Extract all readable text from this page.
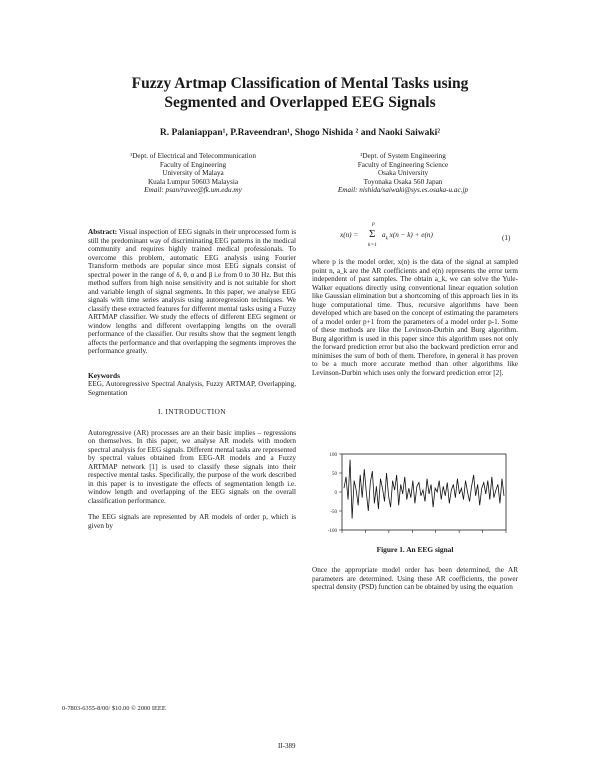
Fuzzy Artmap Classification of Mental Tasks using
Segmented and Overlapped EEG Signals
R. Palaniappan¹, P.Raveendran¹, Shogo Nishida ² and Naoki Saiwaki²
¹Dept. of Electrical and Telecommunication
Faculty of Engineering
University of Malaya
Kuala Lumpur 50603 Malaysia
Email: psan/ravee@fk.um.edu.my
²Dept. of System Engineering
Faculty of Engineering Science
Osaka University
Toyonaka Osaka 560 Japan
Email: nishida/saiwaki@sys.es.osaka-u.ac.jp

Abstract: Visual inspection of EEG signals in their unprocessed form is still the predominant way of discriminating EEG patterns in the medical community and requires highly trained medical professionals. To overcome this problem, automatic EEG analysis using Fourier Transform methods are popular since most EEG signals consist of spectral power in the range of δ, θ, α and β i.e from 0 to 30 Hz. But this method suffers from high noise sensitivity and is not suitable for short and variable length of signal segments. In this paper, we analyse EEG signals with time series analysis using autoregression techniques. We classify these extracted features for different mental tasks using a Fuzzy ARTMAP classifier. We study the effects of different EEG segment or window lengths and different overlapping lengths on the overall performance of the classifier. Our results show that the segment length affects the performance and that overlapping the segments improves the performance greatly.

Keywords

EEG, Autoregressive Spectral Analysis, Fuzzy ARTMAP, Overlapping, Segmentation

I. INTRODUCTION

Autoregressive (AR) processes are an their basic implies – regressions on themselves. In this paper, we analyse AR models with modern spectral analysis for EEG signals. Different mental tasks are represented by spectral values obtained from EEG-AR models and a Fuzzy ARTMAP network [1] is used to classify these signals into their respective mental tasks. Specifically, the purpose of the work described in this paper is to investigate the effects of segmentation length i.e. window length and overlapping of the EEG signals on the overall classification performance.

The EEG signals are represented by AR models of order p, which is given by

x(n) =
p
Σ
k=1
$a_k$ x(n − k) + e(n)	(1)

where p is the model order, x(n) is the data of the signal at sampled point n, a_k are the AR coefficients and e(n) represents the error term independent of past samples. The obtain a_k, we can solve the Yule-Walker equations directly using conventional linear equation solution like Gaussian elimination but a shortcoming of this approach lies in its huge computational time. Thus, recursive algorithms have been developed which are based on the concept of estimating the parameters of a model order p+1 from the parameters of a model order p-1. Some of these methods are like the Levinson-Durbin and Burg algorithm. Burg algorithm is used in this paper since this algorithm uses not only the forward prediction error but also the backward prediction error and minimises the sum of both of them. Therefore, in general it has proven to be a much more accurate method than other algorithms like Levinson-Durbin which uses only the forward prediction error [2].

100
50
0
-50
-100
Figure 1. An EEG signal

Once the appropriate model order has been determined, the AR parameters are determined. Using these AR coefficients, the power spectral density (PSD) function can be obtained by using the equation

0-7803-6355-8/00/ $10.00 © 2000 IEEE
II-389
